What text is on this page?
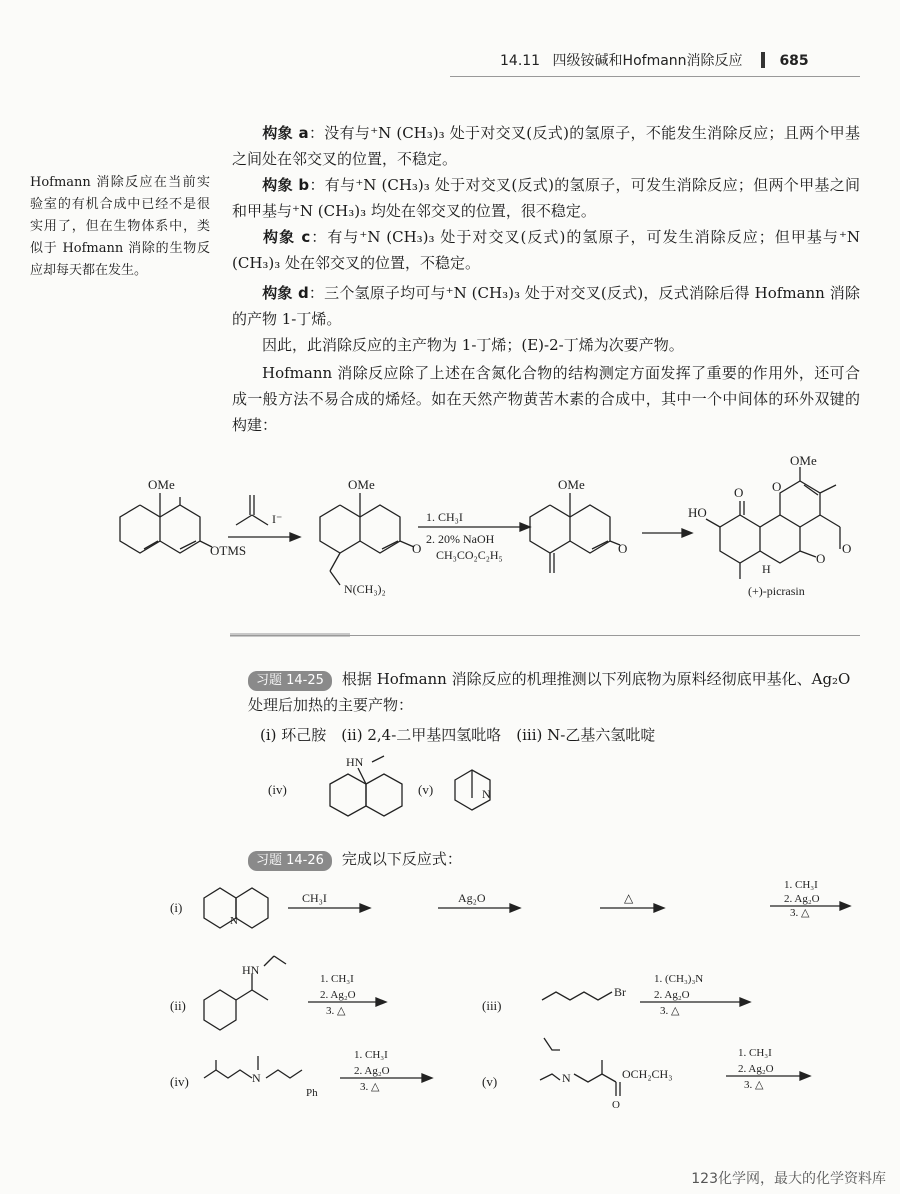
14.11 四级铵碱和Hofmann消除反应	685
Hofmann 消除反应在当前实验室的有机合成中已经不是很实用了，但在生物体系中，类似于 Hofmann 消除的生物反应却每天都在发生。
构象 a：没有与⁺N (CH₃)₃ 处于对交叉(反式)的氢原子，不能发生消除反应；且两个甲基之间处在邻交叉的位置，不稳定。
构象 b：有与⁺N (CH₃)₃ 处于对交叉(反式)的氢原子，可发生消除反应；但两个甲基之间和甲基与⁺N (CH₃)₃ 均处在邻交叉的位置，很不稳定。
构象 c：有与⁺N (CH₃)₃ 处于对交叉(反式)的氢原子，可发生消除反应；但甲基与⁺N (CH₃)₃ 处在邻交叉的位置，不稳定。
构象 d：三个氢原子均可与⁺N (CH₃)₃ 处于对交叉(反式)，反式消除后得 Hofmann 消除的产物 1-丁烯。
因此，此消除反应的主产物为 1-丁烯；(E)-2-丁烯为次要产物。
Hofmann 消除反应除了上述在含氮化合物的结构测定方面发挥了重要的作用外，还可合成一般方法不易合成的烯烃。如在天然产物黄苦木素的合成中，其中一个中间体的环外双键的构建：
OMe
OTMS
I⁻
OMe
O
N(CH₃)₂
1. CH₃I
2. 20% NaOH
CH₃CO₂C₂H₅
OMe
O
OMe
O O
HO
O
O
H
(+)-picrasin
习题 14-25 根据 Hofmann 消除反应的机理推测以下列底物为原料经彻底甲基化、Ag₂O 处理后加热的主要产物：
(i) 环己胺　(ii) 2,4-二甲基四氢吡咯　(iii) N-乙基六氢吡啶
(iv)
HN
(v)	N
习题 14-26 完成以下反应式：
(i)
N
CH₃I	Ag₂O	△
1. CH₃I
2. Ag₂O
3. △
(ii)
HN
1. CH₃I
2. Ag₂O
3. △	(iii)
Br
1. (CH₃)₃N
2. Ag₂O
3. △
(iv)	N
Ph
1. CH₃I
2. Ag₂O
3. △	(v)	N
O
OCH₂CH₃
1. CH₃I
2. Ag₂O
3. △
123化学网，最大的化学资料库
